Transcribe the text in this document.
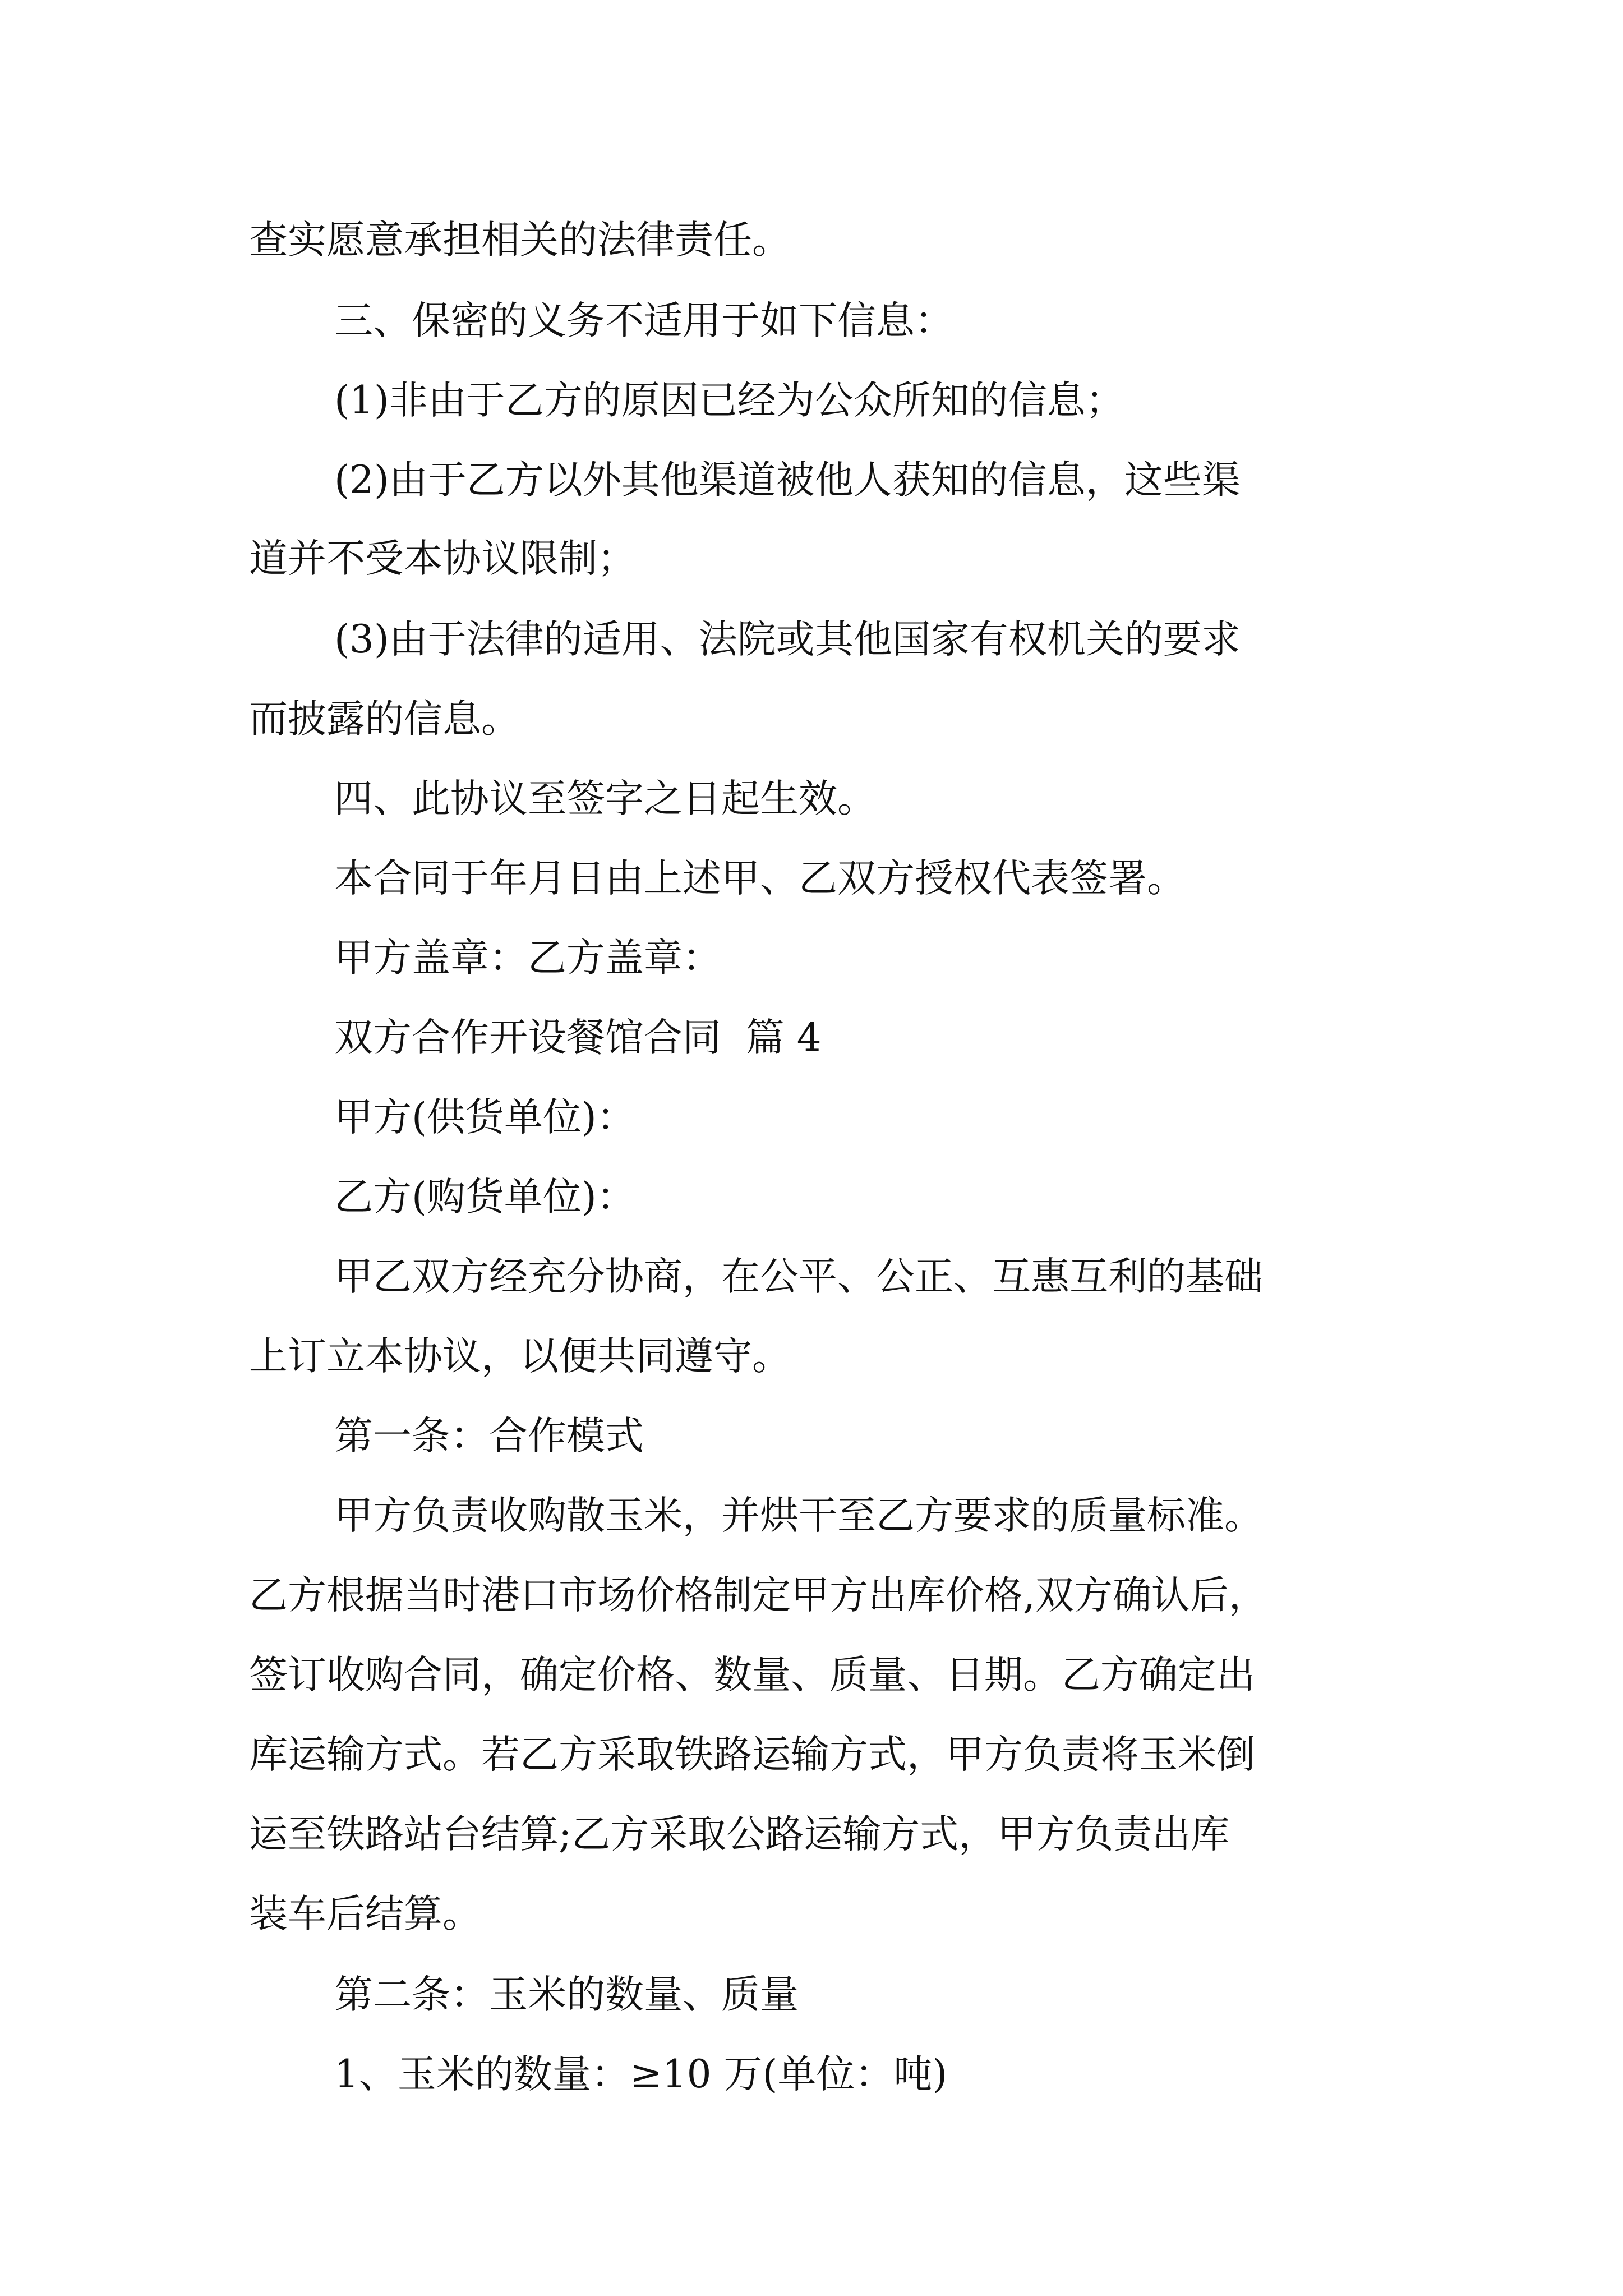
查实愿意承担相关的法律责任。
三、保密的义务不适用于如下信息：
(1)非由于乙方的原因已经为公众所知的信息；
(2)由于乙方以外其他渠道被他人获知的信息，这些渠
道并不受本协议限制；
(3)由于法律的适用、法院或其他国家有权机关的要求
而披露的信息。
四、此协议至签字之日起生效。
本合同于年月日由上述甲、乙双方授权代表签署。
甲方盖章：乙方盖章：
双方合作开设餐馆合同  篇 4
甲方(供货单位)：
乙方(购货单位)：
甲乙双方经充分协商，在公平、公正、互惠互利的基础
上订立本协议，以便共同遵守。
第一条：合作模式
甲方负责收购散玉米，并烘干至乙方要求的质量标准。
乙方根据当时港口市场价格制定甲方出库价格,双方确认后，
签订收购合同，确定价格、数量、质量、日期。乙方确定出
库运输方式。若乙方采取铁路运输方式，甲方负责将玉米倒
运至铁路站台结算;乙方采取公路运输方式，甲方负责出库
装车后结算。
第二条：玉米的数量、质量
1、玉米的数量：≥10 万(单位：吨)
